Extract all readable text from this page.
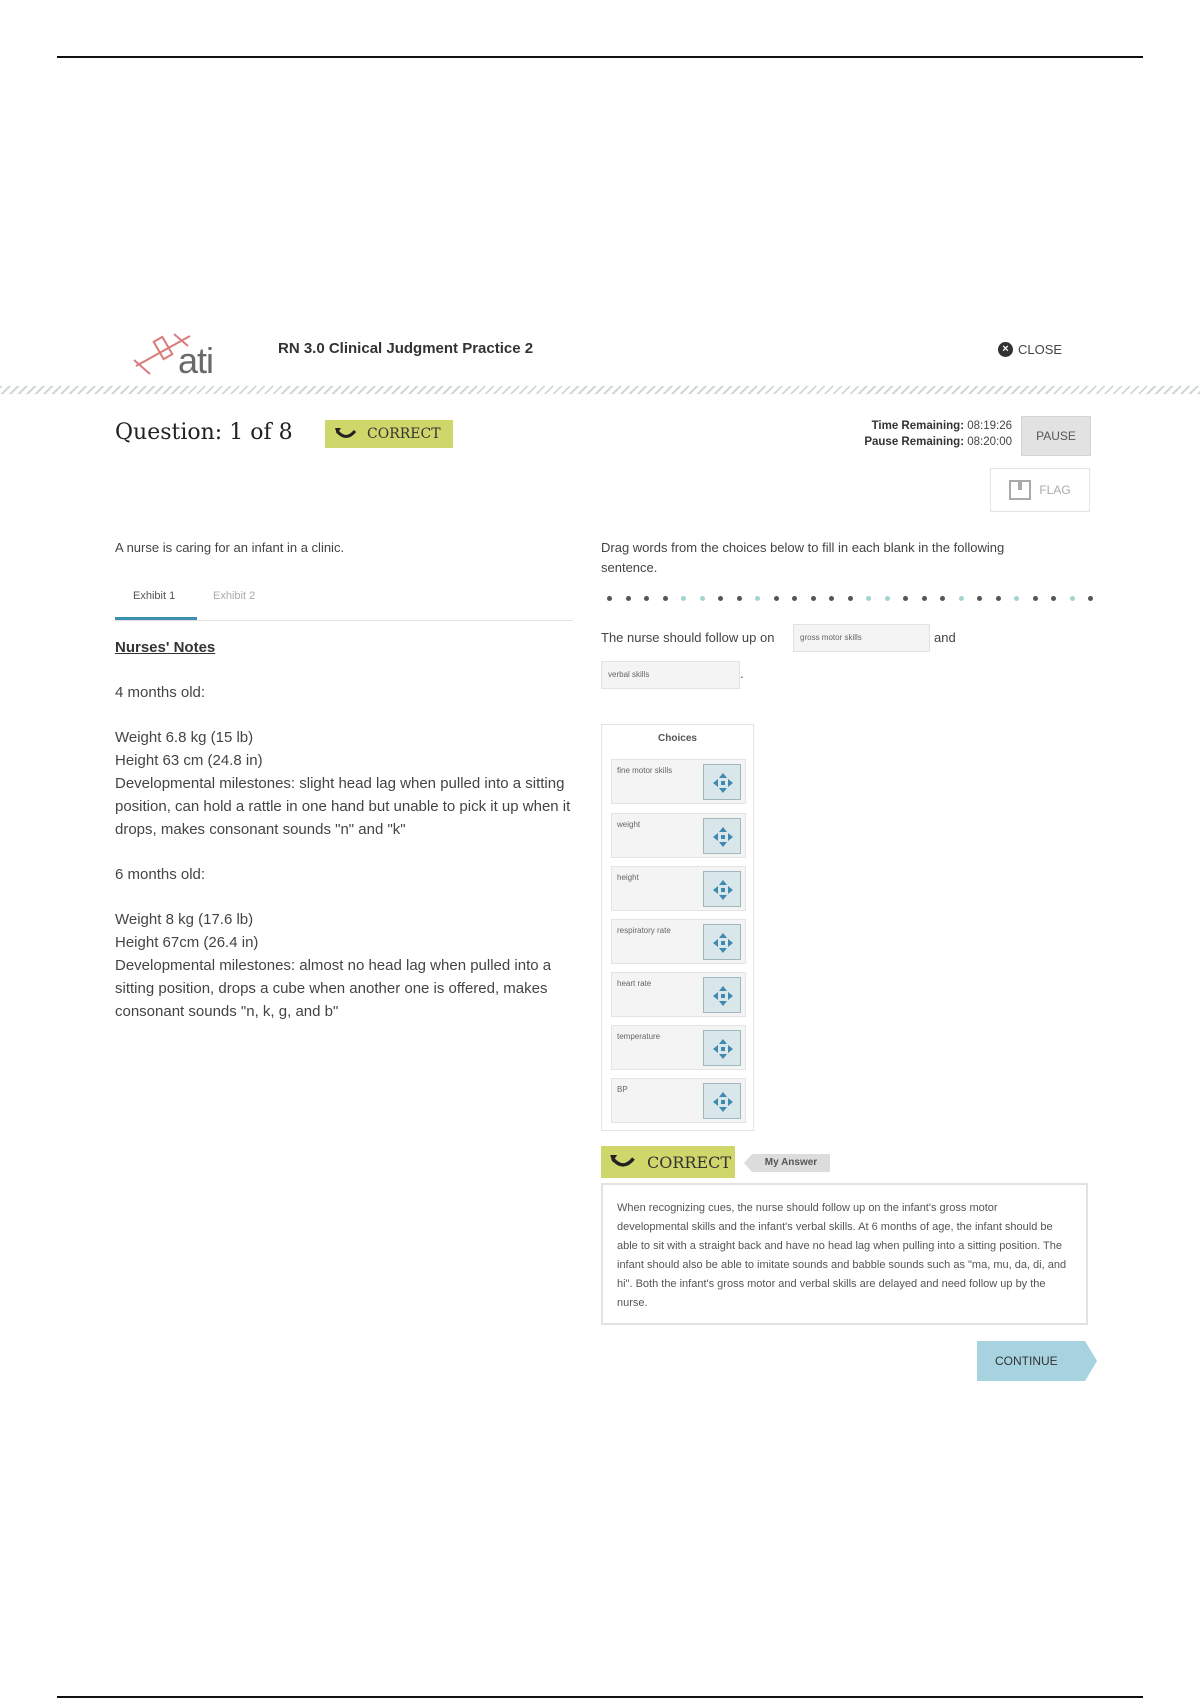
ati	RN 3.0 Clinical Judgment Practice 2	× CLOSE
Question: 1 of 8	CORRECT	Time Remaining: 08:19:26
Pause Remaining: 08:20:00	PAUSE
FLAG
A nurse is caring for an infant in a clinic.
Exhibit 1	Exhibit 2

Nurses' Notes

4 months old:

Weight 6.8 kg (15 lb)

Height 63 cm (24.8 in)

Developmental milestones: slight head lag when pulled into a sitting position, can hold a rattle in one hand but unable to pick it up when it drops, makes consonant sounds "n" and "k"

6 months old:

Weight 8 kg (17.6 lb)

Height 67cm (26.4 in)

Developmental milestones: almost no head lag when pulled into a sitting position, drops a cube when another one is offered, makes consonant sounds "n, k, g, and b"

Drag words from the choices below to fill in each blank in the following sentence.
The nurse should follow up on	gross motor skills	and
verbal skills	.
Choices
fine motor skills
weight
height
respiratory rate
heart rate
temperature
BP
CORRECT	My Answer
When recognizing cues, the nurse should follow up on the infant's gross motor developmental skills and the infant's verbal skills. At 6 months of age, the infant should be able to sit with a straight back and have no head lag when pulling into a sitting position. The infant should also be able to imitate sounds and babble sounds such as "ma, mu, da, di, and hi". Both the infant's gross motor and verbal skills are delayed and need follow up by the nurse.
CONTINUE
